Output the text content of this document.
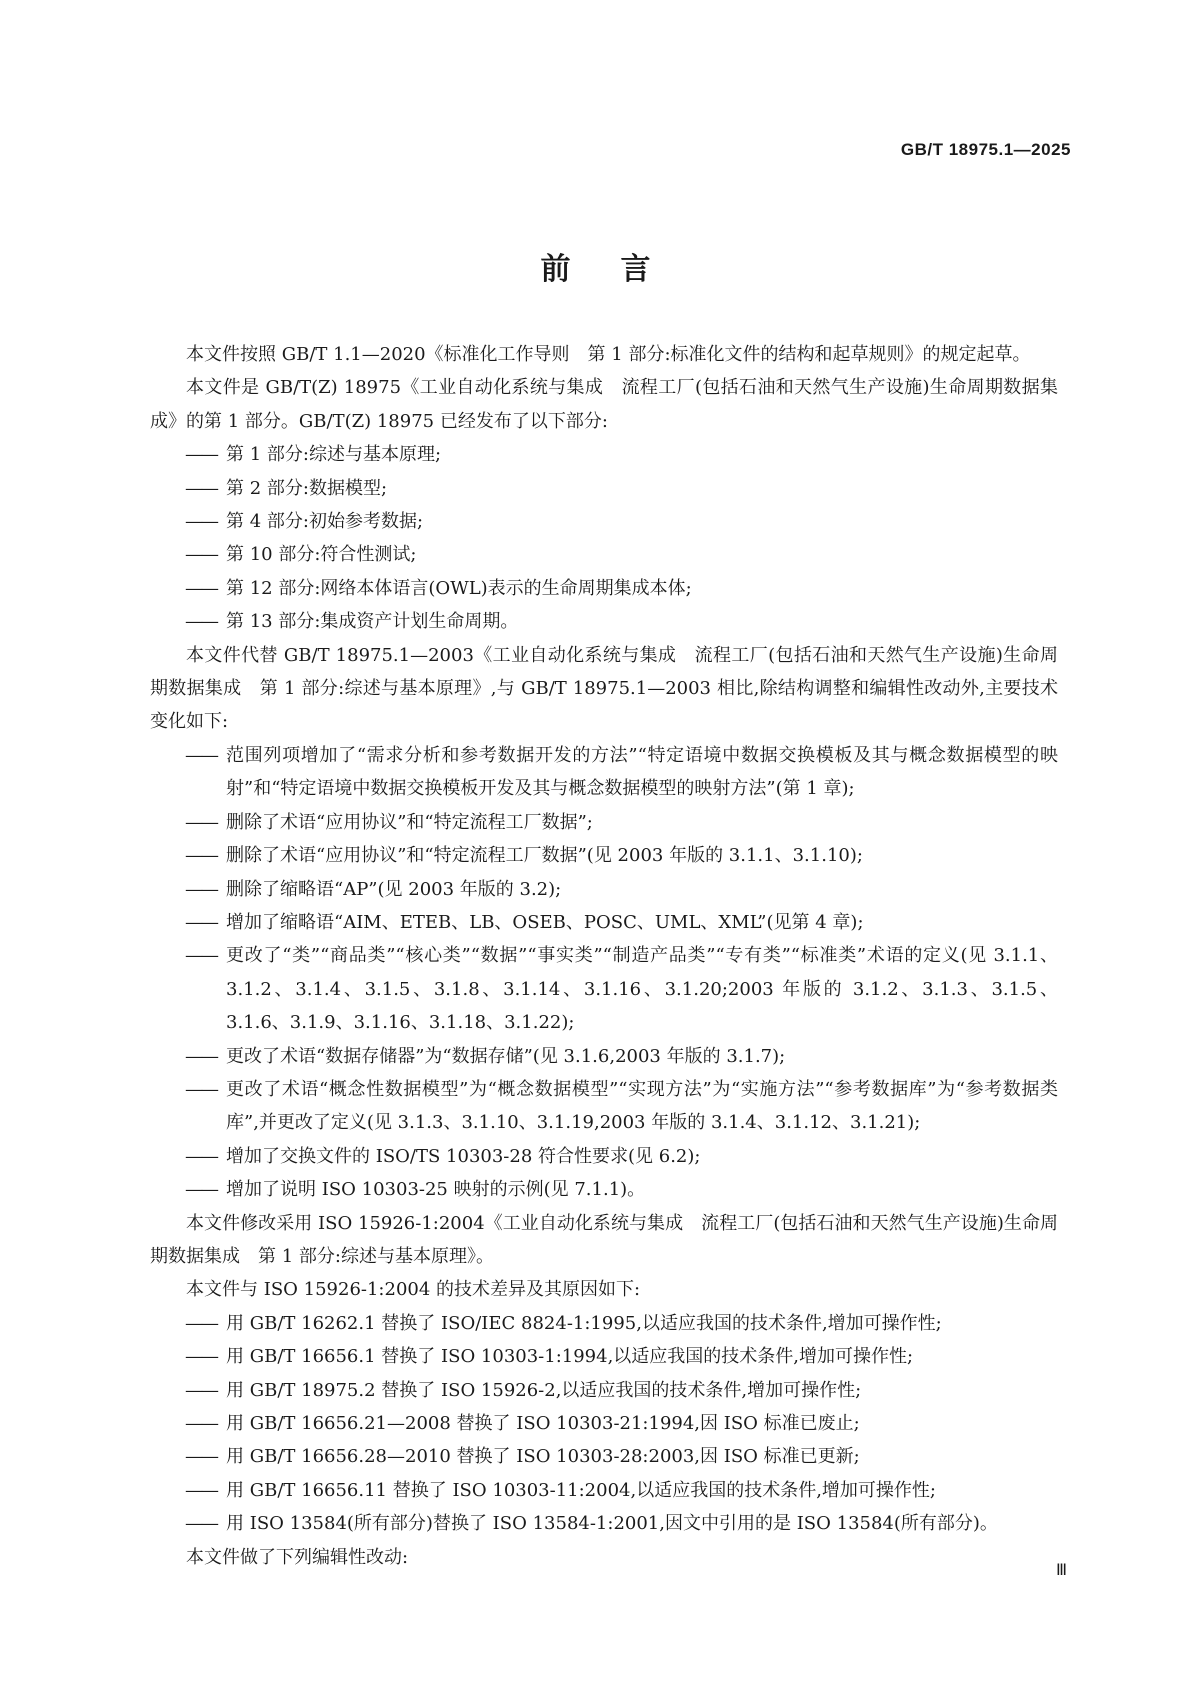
GB/T 18975.1—2025
前言

本文件按照 GB/T 1.1—2020《标准化工作导则　第 1 部分:标准化文件的结构和起草规则》的规定起草。

本文件是 GB/T(Z) 18975《工业自动化系统与集成　流程工厂(包括石油和天然气生产设施)生命周期数据集成》的第 1 部分。GB/T(Z) 18975 已经发布了以下部分:

—— 第 1 部分:综述与基本原理;

—— 第 2 部分:数据模型;

—— 第 4 部分:初始参考数据;

—— 第 10 部分:符合性测试;

—— 第 12 部分:网络本体语言(OWL)表示的生命周期集成本体;

—— 第 13 部分:集成资产计划生命周期。

本文件代替 GB/T 18975.1—2003《工业自动化系统与集成　流程工厂(包括石油和天然气生产设施)生命周期数据集成　第 1 部分:综述与基本原理》,与 GB/T 18975.1—2003 相比,除结构调整和编辑性改动外,主要技术变化如下:

—— 范围列项增加了“需求分析和参考数据开发的方法”“特定语境中数据交换模板及其与概念数据模型的映射”和“特定语境中数据交换模板开发及其与概念数据模型的映射方法”(第 1 章);

—— 删除了术语“应用协议”和“特定流程工厂数据”;

—— 删除了术语“应用协议”和“特定流程工厂数据”(见 2003 年版的 3.1.1、3.1.10);

—— 删除了缩略语“AP”(见 2003 年版的 3.2);

—— 增加了缩略语“AIM、ETEB、LB、OSEB、POSC、UML、XML”(见第 4 章);

—— 更改了“类”“商品类”“核心类”“数据”“事实类”“制造产品类”“专有类”“标准类”术语的定义(见 3.1.1、3.1.2、3.1.4、3.1.5、3.1.8、3.1.14、3.1.16、3.1.20;2003 年版的 3.1.2、3.1.3、3.1.5、3.1.6、3.1.9、3.1.16、3.1.18、3.1.22);

—— 更改了术语“数据存储器”为“数据存储”(见 3.1.6,2003 年版的 3.1.7);

—— 更改了术语“概念性数据模型”为“概念数据模型”“实现方法”为“实施方法”“参考数据库”为“参考数据类库”,并更改了定义(见 3.1.3、3.1.10、3.1.19,2003 年版的 3.1.4、3.1.12、3.1.21);

—— 增加了交换文件的 ISO/TS 10303-28 符合性要求(见 6.2);

—— 增加了说明 ISO 10303-25 映射的示例(见 7.1.1)。

本文件修改采用 ISO 15926-1:2004《工业自动化系统与集成　流程工厂(包括石油和天然气生产设施)生命周期数据集成　第 1 部分:综述与基本原理》。

本文件与 ISO 15926-1:2004 的技术差异及其原因如下:

—— 用 GB/T 16262.1 替换了 ISO/IEC 8824-1:1995,以适应我国的技术条件,增加可操作性;

—— 用 GB/T 16656.1 替换了 ISO 10303-1:1994,以适应我国的技术条件,增加可操作性;

—— 用 GB/T 18975.2 替换了 ISO 15926-2,以适应我国的技术条件,增加可操作性;

—— 用 GB/T 16656.21—2008 替换了 ISO 10303-21:1994,因 ISO 标准已废止;

—— 用 GB/T 16656.28—2010 替换了 ISO 10303-28:2003,因 ISO 标准已更新;

—— 用 GB/T 16656.11 替换了 ISO 10303-11:2004,以适应我国的技术条件,增加可操作性;

—— 用 ISO 13584(所有部分)替换了 ISO 13584-1:2001,因文中引用的是 ISO 13584(所有部分)。

本文件做了下列编辑性改动:

Ⅲ
